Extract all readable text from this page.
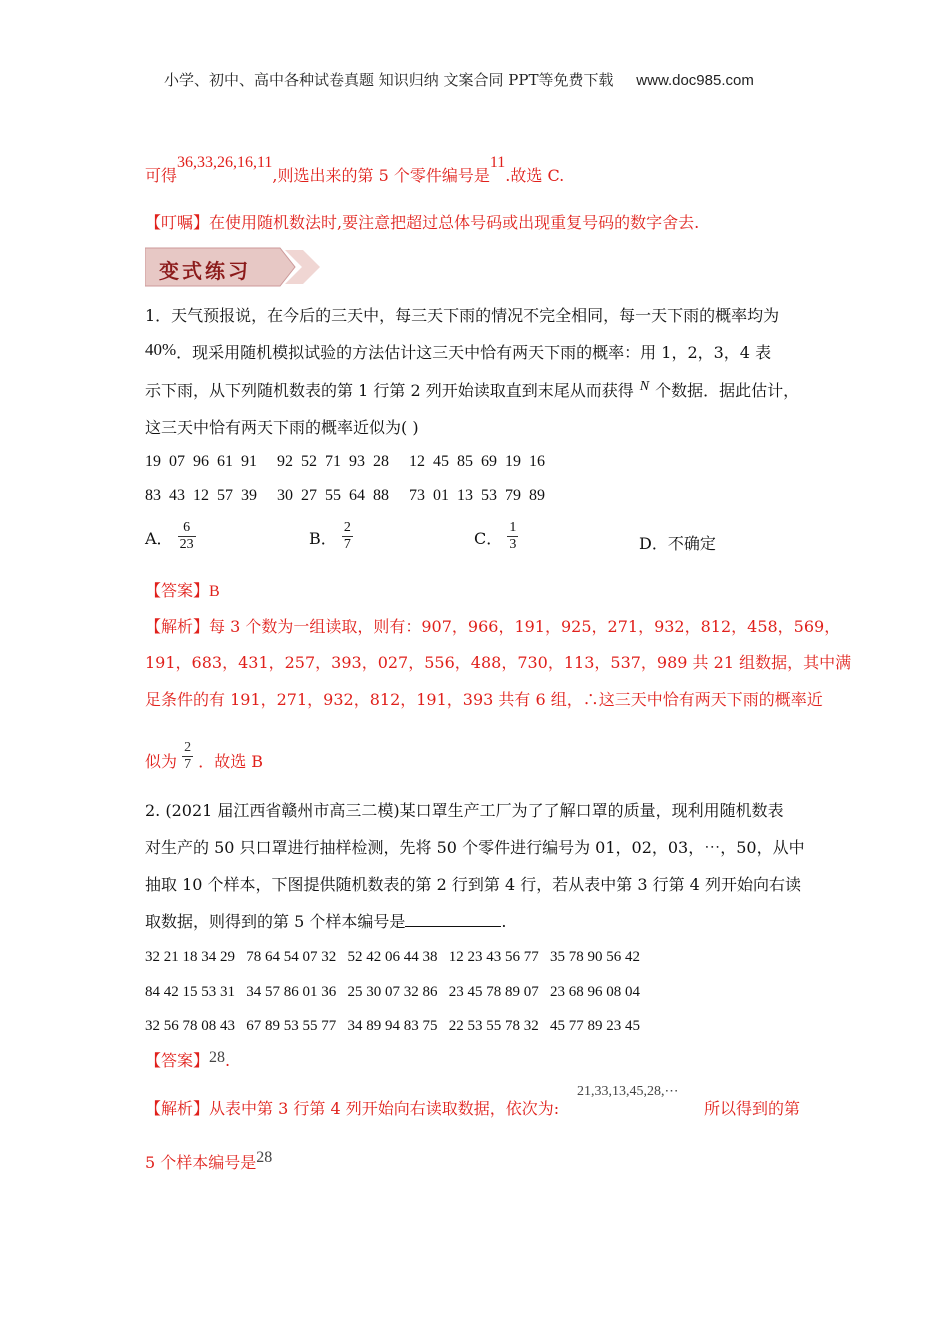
小学、初中、高中各种试卷真题 知识归纳 文案合同 PPT等免费下载 www.doc985.com
可得36,33,26,16,11,则选出来的第 5 个零件编号是11.故选 C.
【叮嘱】在使用随机数法时,要注意把超过总体号码或出现重复号码的数字舍去.
变式练习
1．天气预报说，在今后的三天中，每三天下雨的情况不完全相同，每一天下雨的概率均为
40%．现采用随机模拟试验的方法估计这三天中恰有两天下雨的概率：用 1，2，3，4 表
示下雨，从下列随机数表的第 1 行第 2 列开始读取直到末尾从而获得 N 个数据．据此估计，
这三天中恰有两天下雨的概率近似为( )
19  07  96  61  91     92  52  71  93  28     12  45  85  69  19  16
83  43  12  57  39     30  27  55  64  88     73  01  13  53  79  89
A． $\frac{6}{23}$	B． $\frac{2}{7}$	C． $\frac{1}{3}$	D．不确定
【答案】B
【解析】每 3 个数为一组读取，则有：907，966，191，925，271，932，812，458，569，
191，683，431，257，393，027，556，488，730，113，537，989 共 21 组数据，其中满
足条件的有 191，271，932，812，191，393 共有 6 组，∴这三天中恰有两天下雨的概率近
似为 $\frac{2}{7}$ ．故选 B
2. (2021 届江西省赣州市高三二模)某口罩生产工厂为了了解口罩的质量，现利用随机数表
对生产的 50 只口罩进行抽样检测，先将 50 个零件进行编号为 01，02，03，⋯，50，从中
抽取 10 个样本，下图提供随机数表的第 2 行到第 4 行，若从表中第 3 行第 4 列开始向右读
取数据，则得到的第 5 个样本编号是	.
32 21 18 34 29   78 64 54 07 32   52 42 06 44 38   12 23 43 56 77   35 78 90 56 42
84 42 15 53 31   34 57 86 01 36   25 30 07 32 86   23 45 78 89 07   23 68 96 08 04
32 56 78 08 43   67 89 53 55 77   34 89 94 83 75   22 53 55 78 32   45 77 89 23 45
【答案】28.
【解析】从表中第 3 行第 4 列开始向右读取数据，依次为:
21,33,13,45,28,⋯
所以得到的第
5 个样本编号是28
